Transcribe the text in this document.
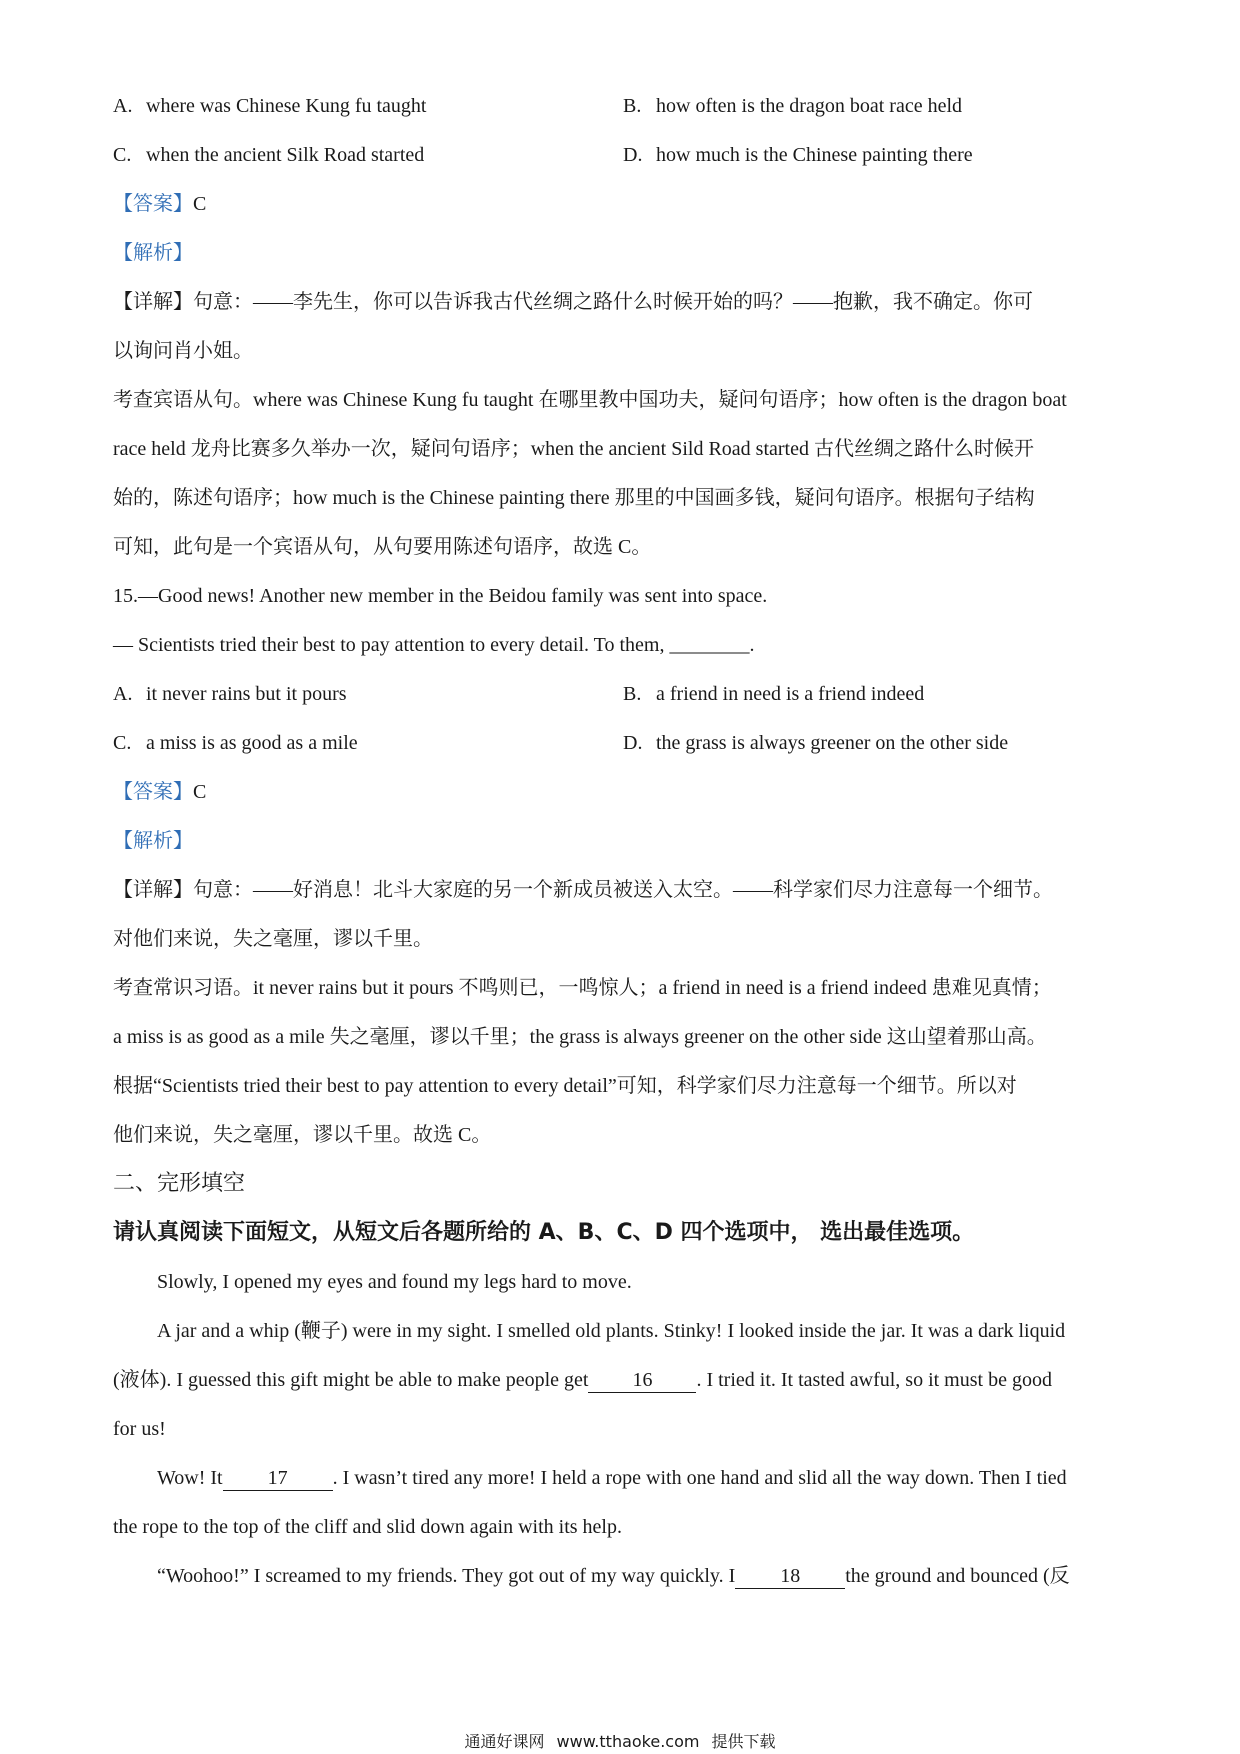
A. where was Chinese Kung fu taught	B. how often is the dragon boat race held
C. when the ancient Silk Road started	D. how much is the Chinese painting there
【答案】C
【解析】
【详解】句意：——李先生，你可以告诉我古代丝绸之路什么时候开始的吗？——抱歉，我不确定。你可
以询问肖小姐。
考查宾语从句。where was Chinese Kung fu taught 在哪里教中国功夫，疑问句语序；how often is the dragon boat
race held 龙舟比赛多久举办一次，疑问句语序；when the ancient Sild Road started 古代丝绸之路什么时候开
始的，陈述句语序；how much is the Chinese painting there 那里的中国画多钱，疑问句语序。根据句子结构
可知，此句是一个宾语从句，从句要用陈述句语序，故选 C。
15.—Good news! Another new member in the Beidou family was sent into space.
— Scientists tried their best to pay attention to every detail. To them, ________.
A. it never rains but it pours	B. a friend in need is a friend indeed
C. a miss is as good as a mile	D. the grass is always greener on the other side
【答案】C
【解析】
【详解】句意：——好消息！北斗大家庭的另一个新成员被送入太空。——科学家们尽力注意每一个细节。
对他们来说，失之毫厘，谬以千里。
考查常识习语。it never rains but it pours 不鸣则已，一鸣惊人；a friend in need is a friend indeed 患难见真情；
a miss is as good as a mile 失之毫厘，谬以千里；the grass is always greener on the other side 这山望着那山高。
根据“Scientists tried their best to pay attention to every detail”可知，科学家们尽力注意每一个细节。所以对
他们来说，失之毫厘，谬以千里。故选 C。
二、完形填空
请认真阅读下面短文，从短文后各题所给的 A、B、C、D 四个选项中， 选出最佳选项。
Slowly, I opened my eyes and found my legs hard to move.
A jar and a whip (鞭子) were in my sight. I smelled old plants. Stinky! I looked inside the jar. It was a dark liquid
(液体). I guessed this gift might be able to make people get 16 . I tried it. It tasted awful, so it must be good
for us!
Wow! It 17 . I wasn’t tired any more! I held a rope with one hand and slid all the way down. Then I tied
the rope to the top of the cliff and slid down again with its help.
“Woohoo!” I screamed to my friends. They got out of my way quickly. I 18 the ground and bounced (反
通通好课网 www.tthaoke.com 提供下载
